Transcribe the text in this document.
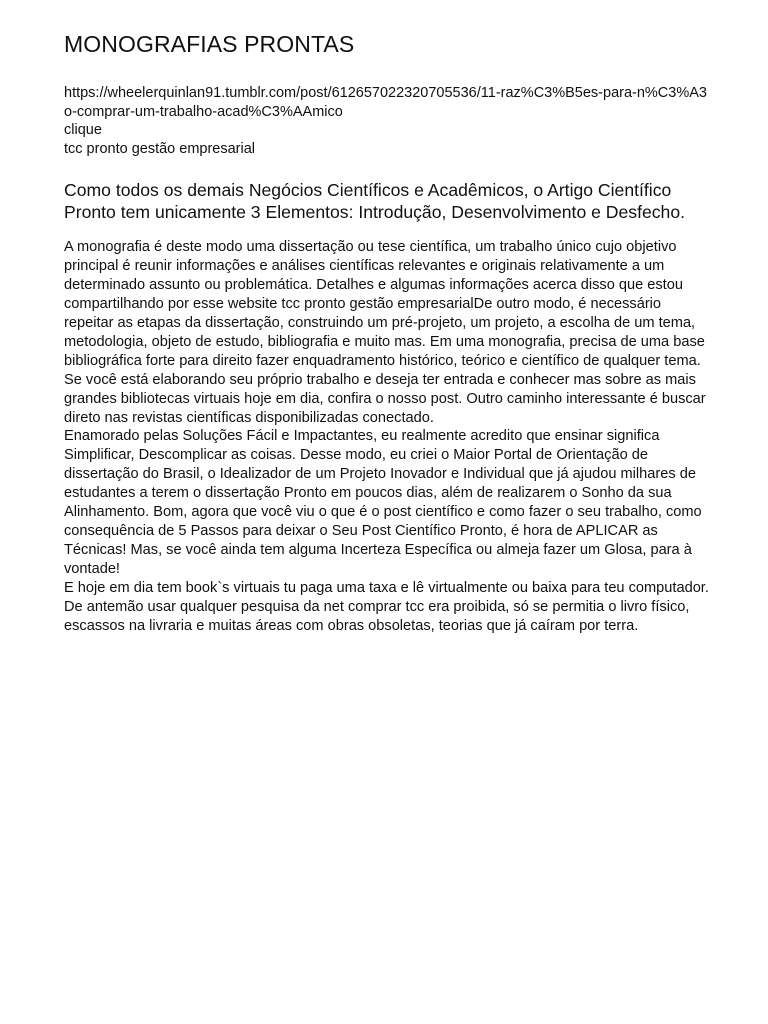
MONOGRAFIAS PRONTAS
https://wheelerquinlan91.tumblr.com/post/612657022320705536/11-raz%C3%B5es-para-n%C3%A3o-comprar-um-trabalho-acad%C3%AAmico
clique
tcc pronto gestão empresarial
Como todos os demais Negócios Científicos e Acadêmicos, o Artigo Científico Pronto tem unicamente 3 Elementos: Introdução, Desenvolvimento e Desfecho.

A monografia é deste modo uma dissertação ou tese científica, um trabalho único cujo objetivo principal é reunir informações e análises científicas relevantes e originais relativamente a um determinado assunto ou problemática. Detalhes e algumas informações acerca disso que estou compartilhando por esse website tcc pronto gestão empresarialDe outro modo, é necessário repeitar as etapas da dissertação, construindo um pré-projeto, um projeto, a escolha de um tema, metodologia, objeto de estudo, bibliografia e muito mas. Em uma monografia, precisa de uma base bibliográfica forte para direito fazer enquadramento histórico, teórico e científico de qualquer tema. Se você está elaborando seu próprio trabalho e deseja ter entrada e conhecer mas sobre as mais grandes bibliotecas virtuais hoje em dia, confira o nosso post. Outro caminho interessante é buscar direto nas revistas científicas disponibilizadas conectado.

Enamorado pelas Soluções Fácil e Impactantes, eu realmente acredito que ensinar significa Simplificar, Descomplicar as coisas. Desse modo, eu criei o Maior Portal de Orientação de dissertação do Brasil, o Idealizador de um Projeto Inovador e Individual que já ajudou milhares de estudantes a terem o dissertação Pronto em poucos dias, além de realizarem o Sonho da sua Alinhamento. Bom, agora que você viu o que é o post científico e como fazer o seu trabalho, como consequência de 5 Passos para deixar o Seu Post Científico Pronto, é hora de APLICAR as Técnicas! Mas, se você ainda tem alguma Incerteza Específica ou almeja fazer um Glosa, para à vontade!

E hoje em dia tem book`s virtuais tu paga uma taxa e lê virtualmente ou baixa para teu computador. De antemão usar qualquer pesquisa da net comprar tcc era proibida, só se permitia o livro físico, escassos na livraria e muitas áreas com obras obsoletas, teorias que já caíram por terra.
